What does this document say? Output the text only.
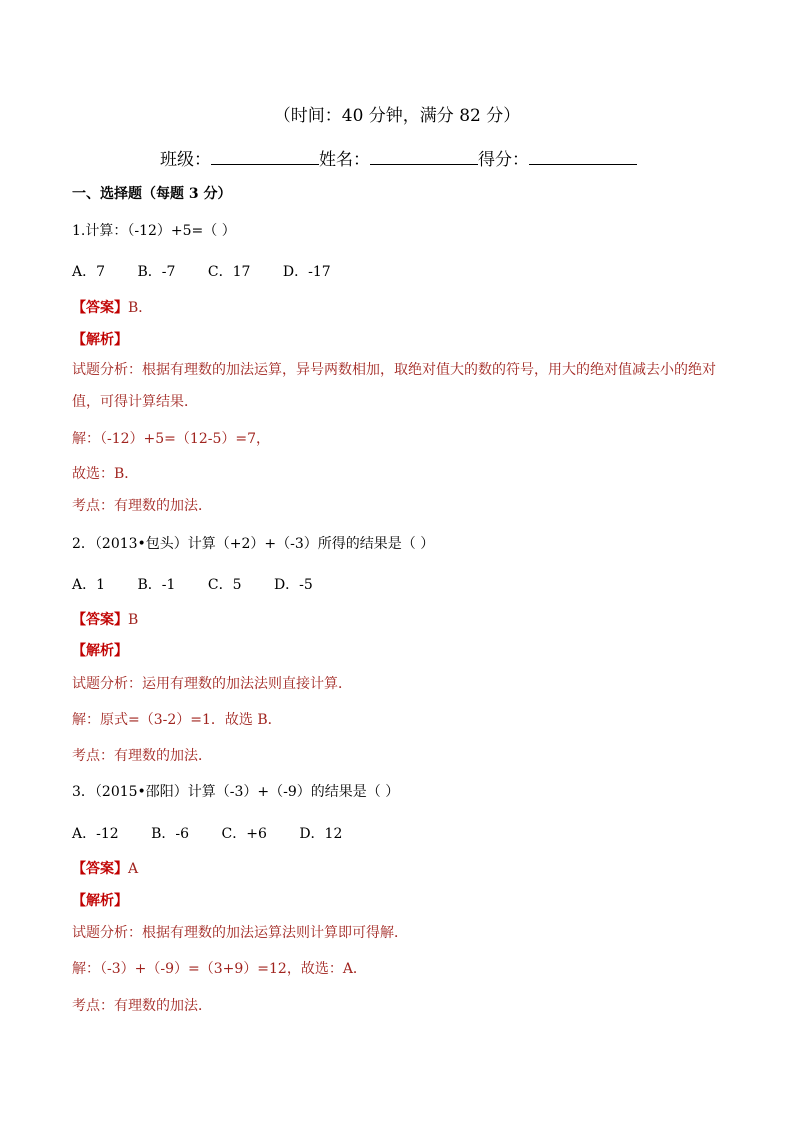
（时间：40 分钟，满分 82 分）
班级：	姓名：	得分：
一、选择题（每题 3 分）
1.计算：（-12）+5=（ ）
A．7 B．-7 C．17 D．-17
【答案】B．
【解析】
试题分析：根据有理数的加法运算，异号两数相加，取绝对值大的数的符号，用大的绝对值减去小的绝对
值，可得计算结果．
解：（-12）+5=（12-5）=7，
故选：B．
考点：有理数的加法．
2．（2013•包头）计算（+2）+（-3）所得的结果是（ ）
A．1 B．-1 C．5 D．-5
【答案】B
【解析】
试题分析：运用有理数的加法法则直接计算．
解：原式=（3-2）=1．故选 B．
考点：有理数的加法．
3．（2015•邵阳）计算（-3）+（-9）的结果是（ ）
A．-12 B．-6 C．+6 D．12
【答案】A
【解析】
试题分析：根据有理数的加法运算法则计算即可得解．
解：（-3）+（-9）=（3+9）=12，故选：A．
考点：有理数的加法．
